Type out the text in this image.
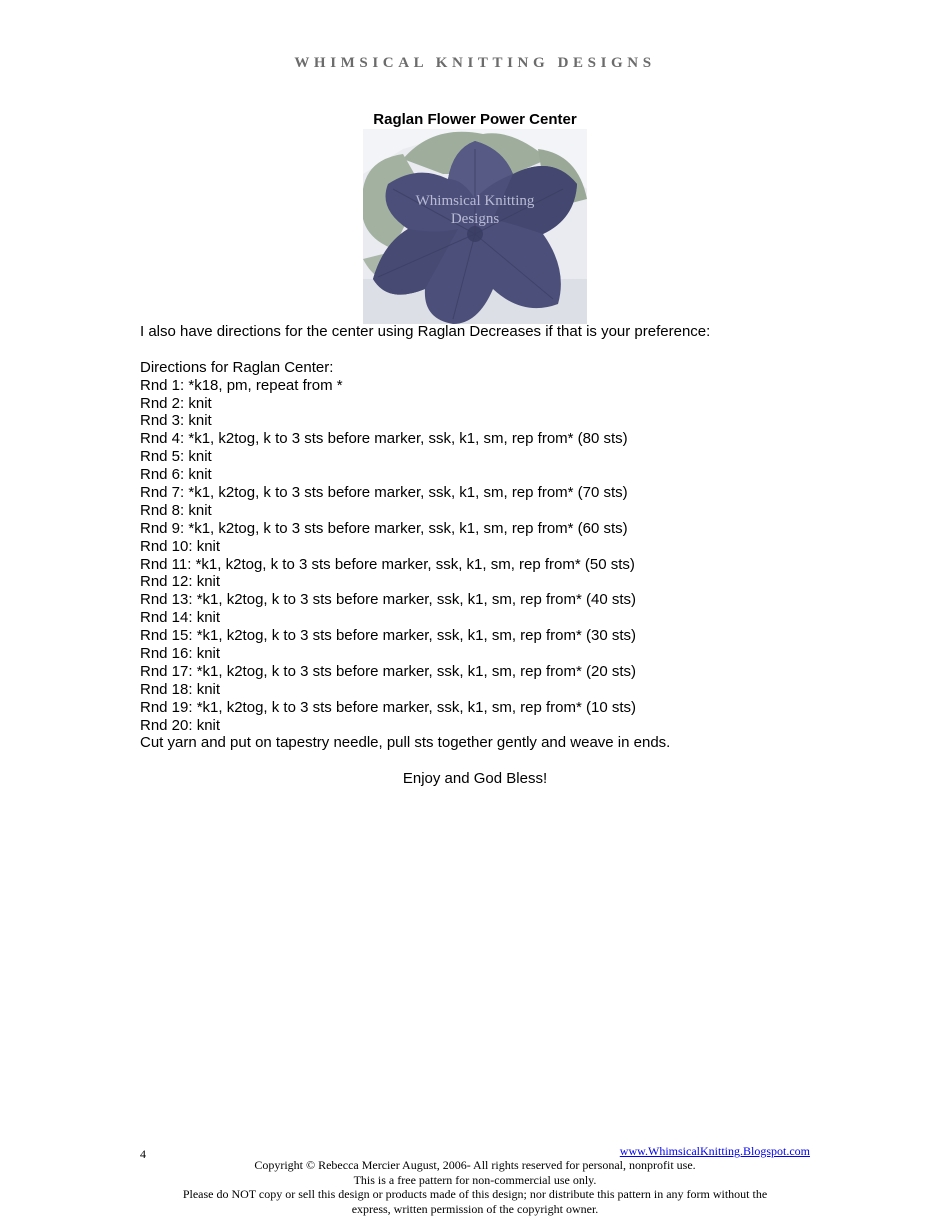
WHIMSICAL KNITTING DESIGNS
Raglan Flower Power Center
Whimsical Knitting
Designs
I also have directions for the center using Raglan Decreases if that is your preference:
Directions for Raglan Center:
Rnd 1: *k18, pm, repeat from *
Rnd 2: knit
Rnd 3: knit
Rnd 4: *k1, k2tog, k to 3 sts before marker, ssk, k1, sm, rep from* (80 sts)
Rnd 5: knit
Rnd 6: knit
Rnd 7: *k1, k2tog, k to 3 sts before marker, ssk, k1, sm, rep from* (70 sts)
Rnd 8: knit
Rnd 9: *k1, k2tog, k to 3 sts before marker, ssk, k1, sm, rep from* (60 sts)
Rnd 10: knit
Rnd 11: *k1, k2tog, k to 3 sts before marker, ssk, k1, sm, rep from* (50 sts)
Rnd 12: knit
Rnd 13: *k1, k2tog, k to 3 sts before marker, ssk, k1, sm, rep from* (40 sts)
Rnd 14: knit
Rnd 15: *k1, k2tog, k to 3 sts before marker, ssk, k1, sm, rep from* (30 sts)
Rnd 16: knit
Rnd 17: *k1, k2tog, k to 3 sts before marker, ssk, k1, sm, rep from* (20 sts)
Rnd 18: knit
Rnd 19: *k1, k2tog, k to 3 sts before marker, ssk, k1, sm, rep from* (10 sts)
Rnd 20: knit
Cut yarn and put on tapestry needle, pull sts together gently and weave in ends.
Enjoy and God Bless!
4	www.WhimsicalKnitting.Blogspot.com
Copyright © Rebecca Mercier August, 2006- All rights reserved for personal, nonprofit use.
This is a free pattern for non-commercial use only.
Please do NOT copy or sell this design or products made of this design; nor distribute this pattern in any form without the
express, written permission of the copyright owner.
